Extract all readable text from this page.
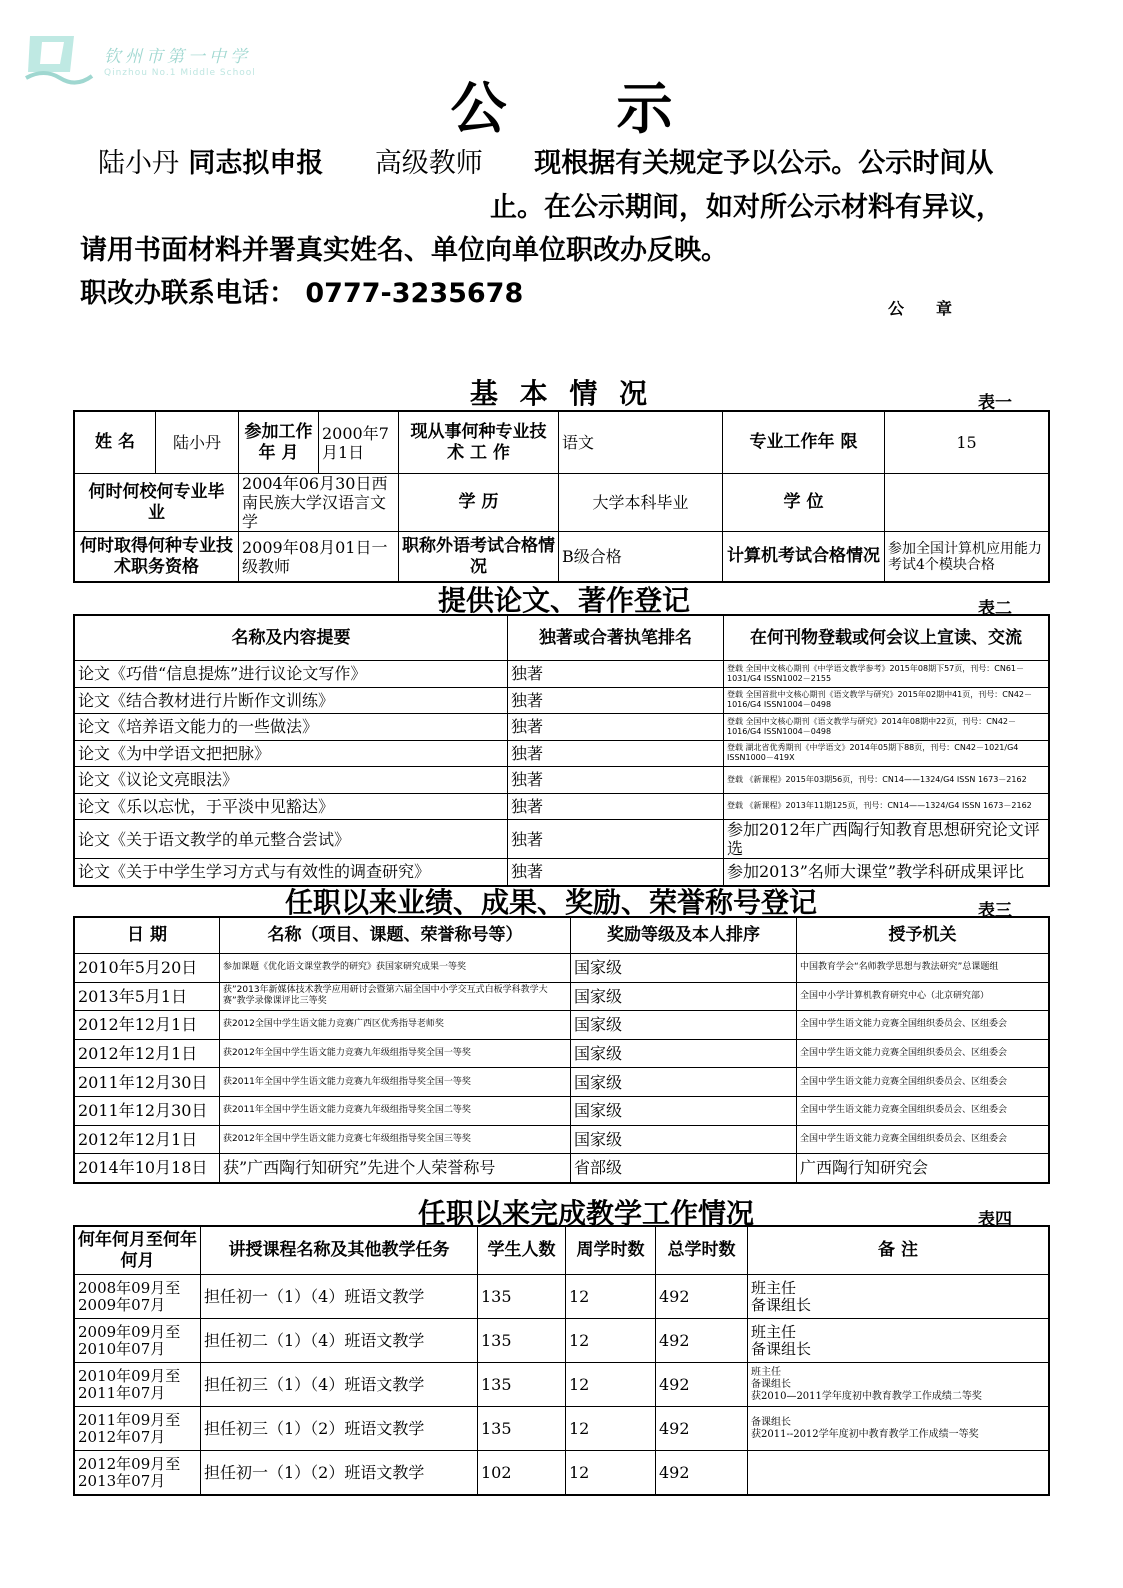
钦州市第一中学
Qinzhou No.1 Middle School
公示
陆小丹 同志拟申报 高级教师 现根据有关规定予以公示。公示时间从
止。在公示期间，如对所公示材料有异议，
请用书面材料并署真实姓名、单位向单位职改办反映。
职改办联系电话： 0777-3235678	公章
基 本 情 况	表一
姓 名	陆小丹	参加工作年 月	2000年7月1日	现从事何种专业技 术 工 作	语文	专业工作年 限	15
何时何校何专业毕 业		2004年06月30日西南民族大学汉语言文学		学 历	大学本科毕业	学 位	
何时取得何种专业技术职务资格		2009年08月01日一级教师		职称外语考试合格情况	B级合格	计算机考试合格情况	参加全国计算机应用能力考试4个模块合格
提供论文、著作登记	表二
名称及内容提要	独著或合著执笔排名	在何刊物登载或何会议上宣读、交流
论文《巧借“信息提炼”进行议论文写作》	独著	登载 全国中文核心期刊《中学语文教学参考》2015年08期下57页，刊号：CN61－1031/G4 ISSN1002－2155
论文《结合教材进行片断作文训练》	独著	登载 全国首批中文核心期刊《语文教学与研究》2015年02期中41页，刊号：CN42－1016/G4 ISSN1004－0498
论文《培养语文能力的一些做法》	独著	登载 全国中文核心期刊《语文教学与研究》2014年08期中22页，刊号：CN42－1016/G4 ISSN1004－0498
论文《为中学语文把把脉》	独著	登载 湖北省优秀期刊《中学语文》2014年05期下88页，刊号：CN42－1021/G4 ISSN1000－419X
论文《议论文亮眼法》	独著	登载 《新课程》2015年03期56页，刊号：CN14——1324/G4 ISSN 1673－2162
论文《乐以忘忧，于平淡中见豁达》	独著	登载 《新课程》2013年11期125页，刊号：CN14——1324/G4 ISSN 1673－2162
论文《关于语文教学的单元整合尝试》	独著	参加2012年广西陶行知教育思想研究论文评选
论文《关于中学生学习方式与有效性的调查研究》	独著	参加2013”名师大课堂”教学科研成果评比
任职以来业绩、成果、奖励、荣誉称号登记	表三
日 期	名称（项目、课题、荣誉称号等）	奖励等级及本人排序	授予机关
2010年5月20日	参加课题《优化语文课堂教学的研究》获国家研究成果一等奖	国家级	中国教育学会“名师教学思想与教法研究”总课题组
2013年5月1日	获”2013年新媒体技术教学应用研讨会暨第六届全国中小学交互式白板学科教学大赛”教学录像课评比三等奖	国家级	全国中小学计算机教育研究中心（北京研究部）
2012年12月1日	获2012全国中学生语文能力竞赛广西区优秀指导老师奖	国家级	全国中学生语文能力竞赛全国组织委员会、区组委会
2012年12月1日	获2012年全国中学生语文能力竞赛九年级组指导奖全国一等奖	国家级	全国中学生语文能力竞赛全国组织委员会、区组委会
2011年12月30日	获2011年全国中学生语文能力竞赛九年级组指导奖全国一等奖	国家级	全国中学生语文能力竞赛全国组织委员会、区组委会
2011年12月30日	获2011年全国中学生语文能力竞赛九年级组指导奖全国二等奖	国家级	全国中学生语文能力竞赛全国组织委员会、区组委会
2012年12月1日	获2012年全国中学生语文能力竞赛七年级组指导奖全国三等奖	国家级	全国中学生语文能力竞赛全国组织委员会、区组委会
2014年10月18日	获”广西陶行知研究”先进个人荣誉称号	省部级	广西陶行知研究会
任职以来完成教学工作情况	表四
何年何月至何年何月	讲授课程名称及其他教学任务	学生人数	周学时数	总学时数	备 注
2008年09月至2009年07月	担任初一（1）（4）班语文教学	135	12	492	班主任
备课组长
2009年09月至2010年07月	担任初二（1）（4）班语文教学	135	12	492	班主任
备课组长
2010年09月至2011年07月	担任初三（1）（4）班语文教学	135	12	492	班主任
备课组长
获2010—2011学年度初中教育教学工作成绩二等奖
2011年09月至2012年07月	担任初三（1）（2）班语文教学	135	12	492	备课组长
获2011--2012学年度初中教育教学工作成绩一等奖
2012年09月至2013年07月	担任初一（1）（2）班语文教学	102	12	492	
